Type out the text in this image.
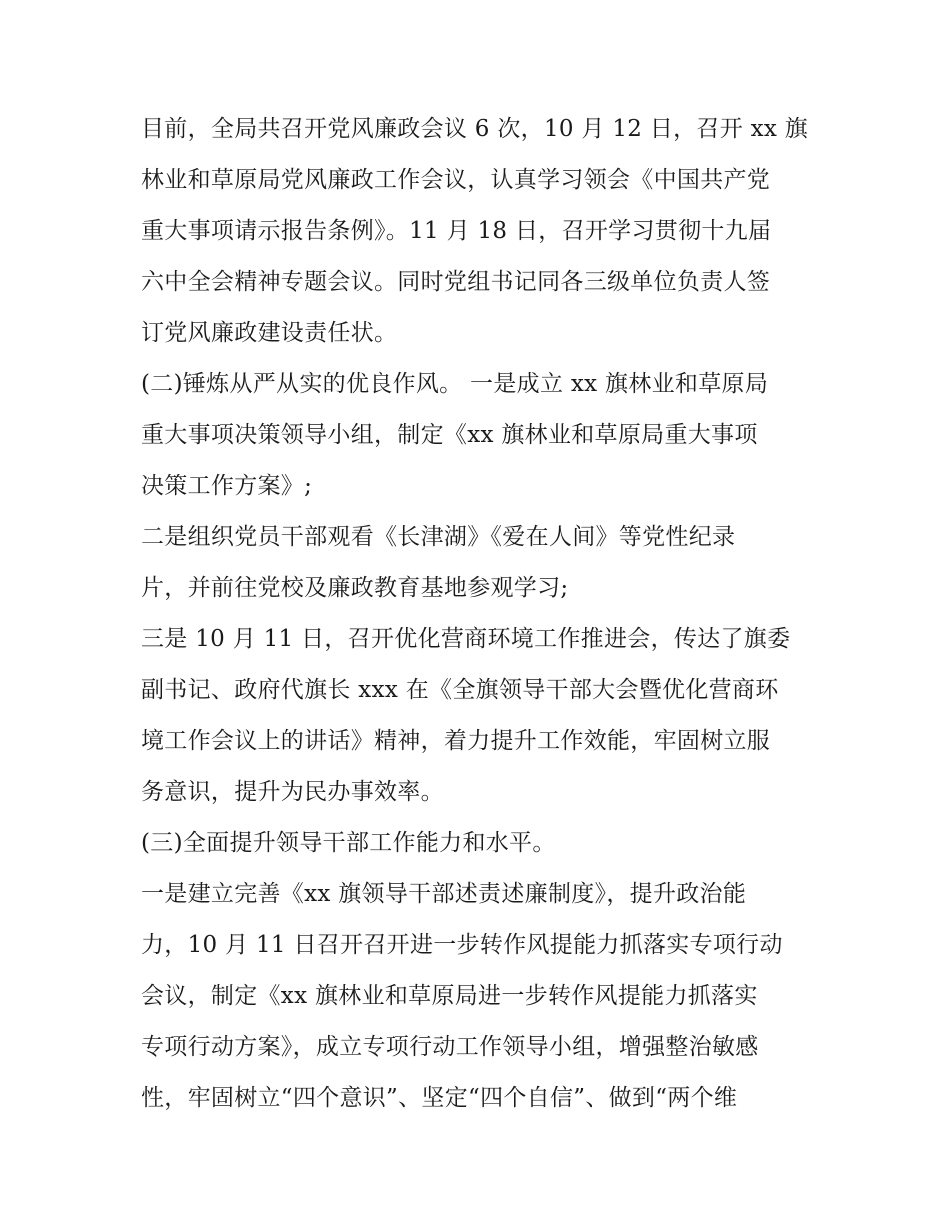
目前，全局共召开党风廉政会议 6 次，10 月 12 日，召开 xx 旗
林业和草原局党风廉政工作会议，认真学习领会《中国共产党
重大事项请示报告条例》。11 月 18 日，召开学习贯彻十九届
六中全会精神专题会议。同时党组书记同各三级单位负责人签
订党风廉政建设责任状。
(二)锤炼从严从实的优良作风。 一是成立 xx 旗林业和草原局
重大事项决策领导小组，制定《xx 旗林业和草原局重大事项
决策工作方案》;
二是组织党员干部观看《长津湖》《爱在人间》等党性纪录
片，并前往党校及廉政教育基地参观学习;
三是 10 月 11 日，召开优化营商环境工作推进会，传达了旗委
副书记、政府代旗长 xxx 在《全旗领导干部大会暨优化营商环
境工作会议上的讲话》精神，着力提升工作效能，牢固树立服
务意识，提升为民办事效率。
(三)全面提升领导干部工作能力和水平。
一是建立完善《xx 旗领导干部述责述廉制度》，提升政治能
力，10 月 11 日召开召开进一步转作风提能力抓落实专项行动
会议，制定《xx 旗林业和草原局进一步转作风提能力抓落实
专项行动方案》，成立专项行动工作领导小组，增强整治敏感
性，牢固树立“四个意识”、坚定“四个自信”、做到“两个维
